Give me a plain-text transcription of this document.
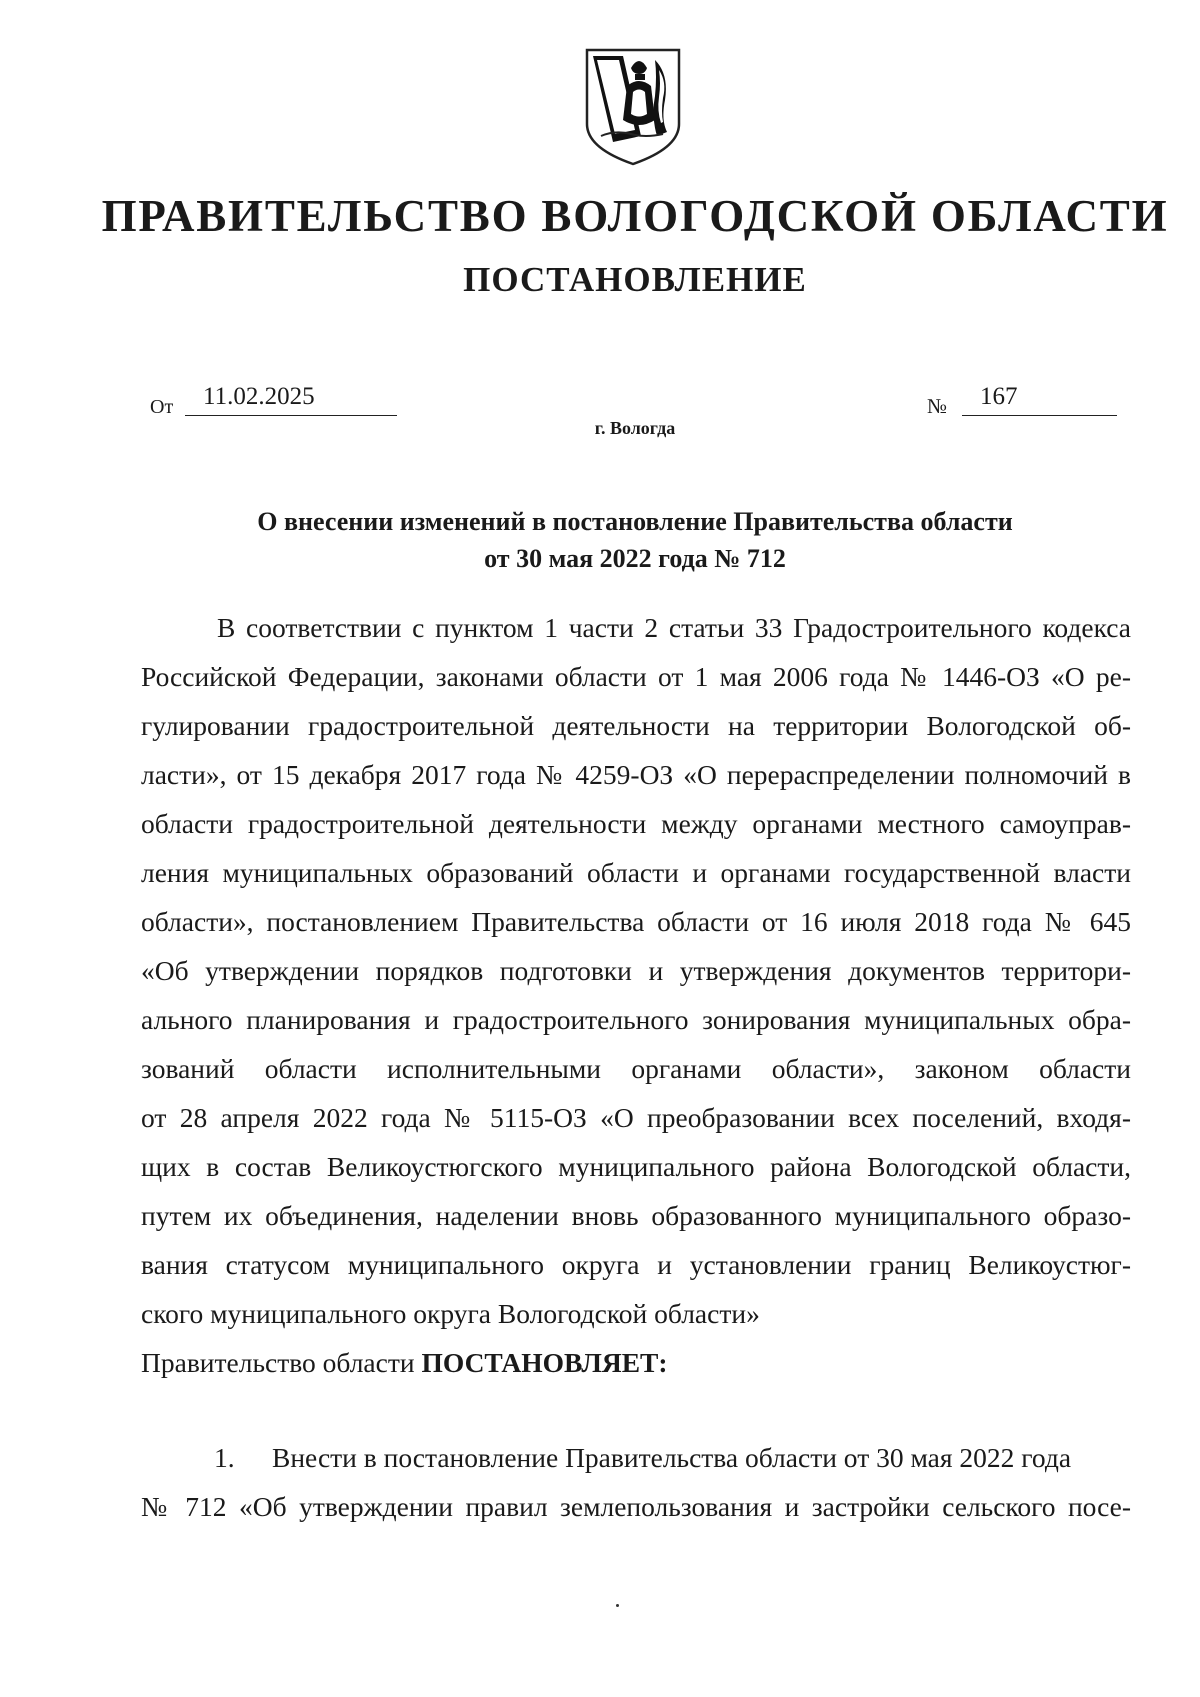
ПРАВИТЕЛЬСТВО ВОЛОГОДСКОЙ ОБЛАСТИ
ПОСТАНОВЛЕНИЕ
От	11.02.2025	№	167
г. Вологда
О внесении изменений в постановление Правительства области
от 30 мая 2022 года № 712
В соответствии с пунктом 1 части 2 статьи 33 Градостроительного кодекса
Российской Федерации, законами области от 1 мая 2006 года № 1446-ОЗ «О ре-
гулировании градостроительной деятельности на территории Вологодской об-
ласти», от 15 декабря 2017 года № 4259-ОЗ «О перераспределении полномочий в
области градостроительной деятельности между органами местного самоуправ-
ления муниципальных образований области и органами государственной власти
области», постановлением Правительства области от 16 июля 2018 года № 645
«Об утверждении порядков подготовки и утверждения документов территори-
ального планирования и градостроительного зонирования муниципальных обра-
зований области исполнительными органами области», законом области
от 28 апреля 2022 года № 5115-ОЗ «О преобразовании всех поселений, входя-
щих в состав Великоустюгского муниципального района Вологодской области,
путем их объединения, наделении вновь образованного муниципального образо-
вания статусом муниципального округа и установлении границ Великоустюг-
ского муниципального округа Вологодской области»
Правительство области ПОСТАНОВЛЯЕТ:
1. Внести в постановление Правительства области от 30 мая 2022 года
№ 712 «Об утверждении правил землепользования и застройки сельского посе-
